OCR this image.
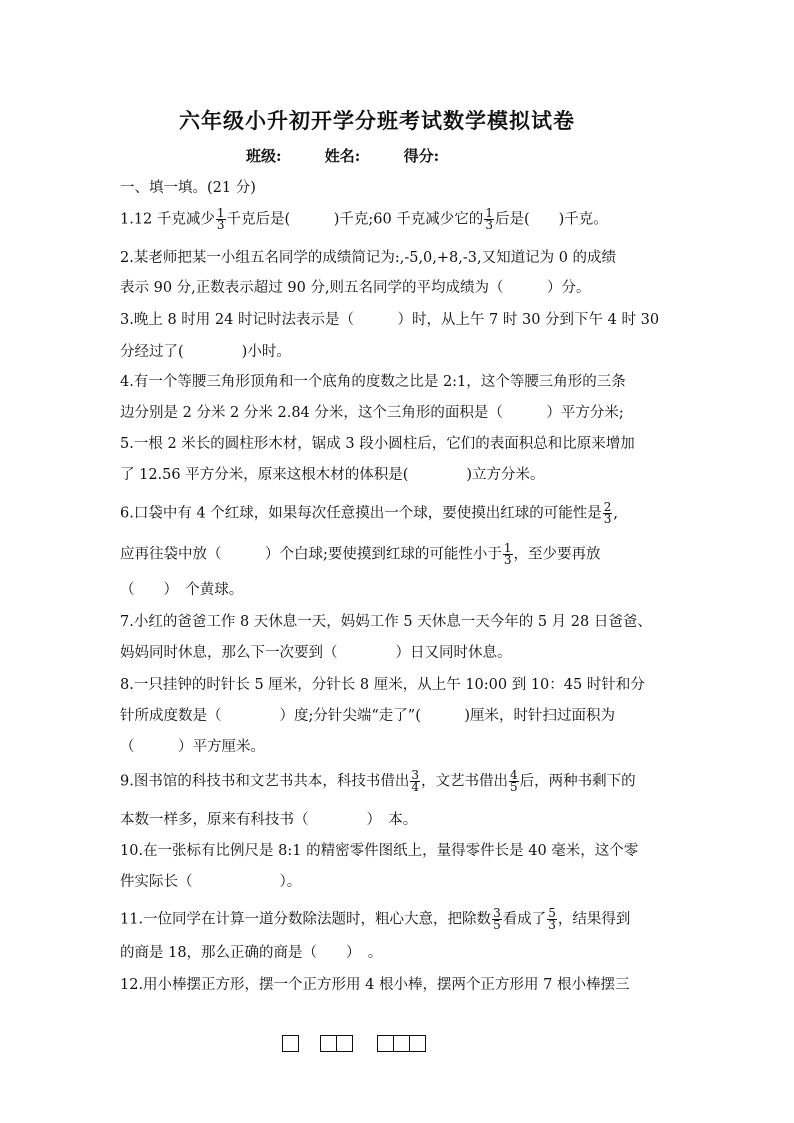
六年级小升初开学分班考试数学模拟试卷
班级:	姓名:	得分:
一、填一填。(21 分)
1.12 千克减少 $\frac{1}{3}$ 千克后是(　　　)千克;60 千克减少它的 $\frac{1}{3}$ 后是(　　)千克。
2.某老师把某一小组五名同学的成绩简记为:,-5,0,+8,-3,又知道记为 0 的成绩
表示 90 分,正数表示超过 90 分,则五名同学的平均成绩为（　　　）分。
3.晚上 8 时用 24 时记时法表示是（　　　）时，从上午 7 时 30 分到下午 4 时 30
分经过了(　　　　)小时。
4.有一个等腰三角形顶角和一个底角的度数之比是 2:1，这个等腰三角形的三条
边分别是 2 分米 2 分米 2.84 分米，这个三角形的面积是（　　　）平方分米;
5.一根 2 米长的圆柱形木材，锯成 3 段小圆柱后，它们的表面积总和比原来增加
了 12.56 平方分米，原来这根木材的体积是(　　　　)立方分米。
6.口袋中有 4 个红球，如果每次任意摸出一个球，要使摸出红球的可能性是 $\frac{2}{3}$ ,
应再往袋中放（　　　）个白球;要使摸到红球的可能性小于 $\frac{1}{3}$ ，至少要再放
（　　）　个黄球。
7.小红的爸爸工作 8 天休息一天，妈妈工作 5 天休息一天今年的 5 月 28 日爸爸、
妈妈同时休息，那么下一次要到（　　　　）日又同时休息。
8.一只挂钟的时针长 5 厘米，分针长 8 厘米，从上午 10:00 到 10：45 时针和分
针所成度数是（　　　　）度;分针尖端“走了”(　　　)厘米，时针扫过面积为
（　　　）平方厘米。
9.图书馆的科技书和文艺书共本，科技书借出 $\frac{3}{4}$ ，文艺书借出 $\frac{4}{5}$ 后，两种书剩下的
本数一样多，原来有科技书（　　　　）　本。
10.在一张标有比例尺是 8:1 的精密零件图纸上，量得零件长是 40 毫米，这个零
件实际长（　　　　　　）。
11.一位同学在计算一道分数除法题时，粗心大意，把除数 $\frac{3}{5}$ 看成了 $\frac{5}{3}$ ，结果得到
的商是 18，那么正确的商是（　　）　。
12.用小棒摆正方形，摆一个正方形用 4 根小棒，摆两个正方形用 7 根小棒摆三
